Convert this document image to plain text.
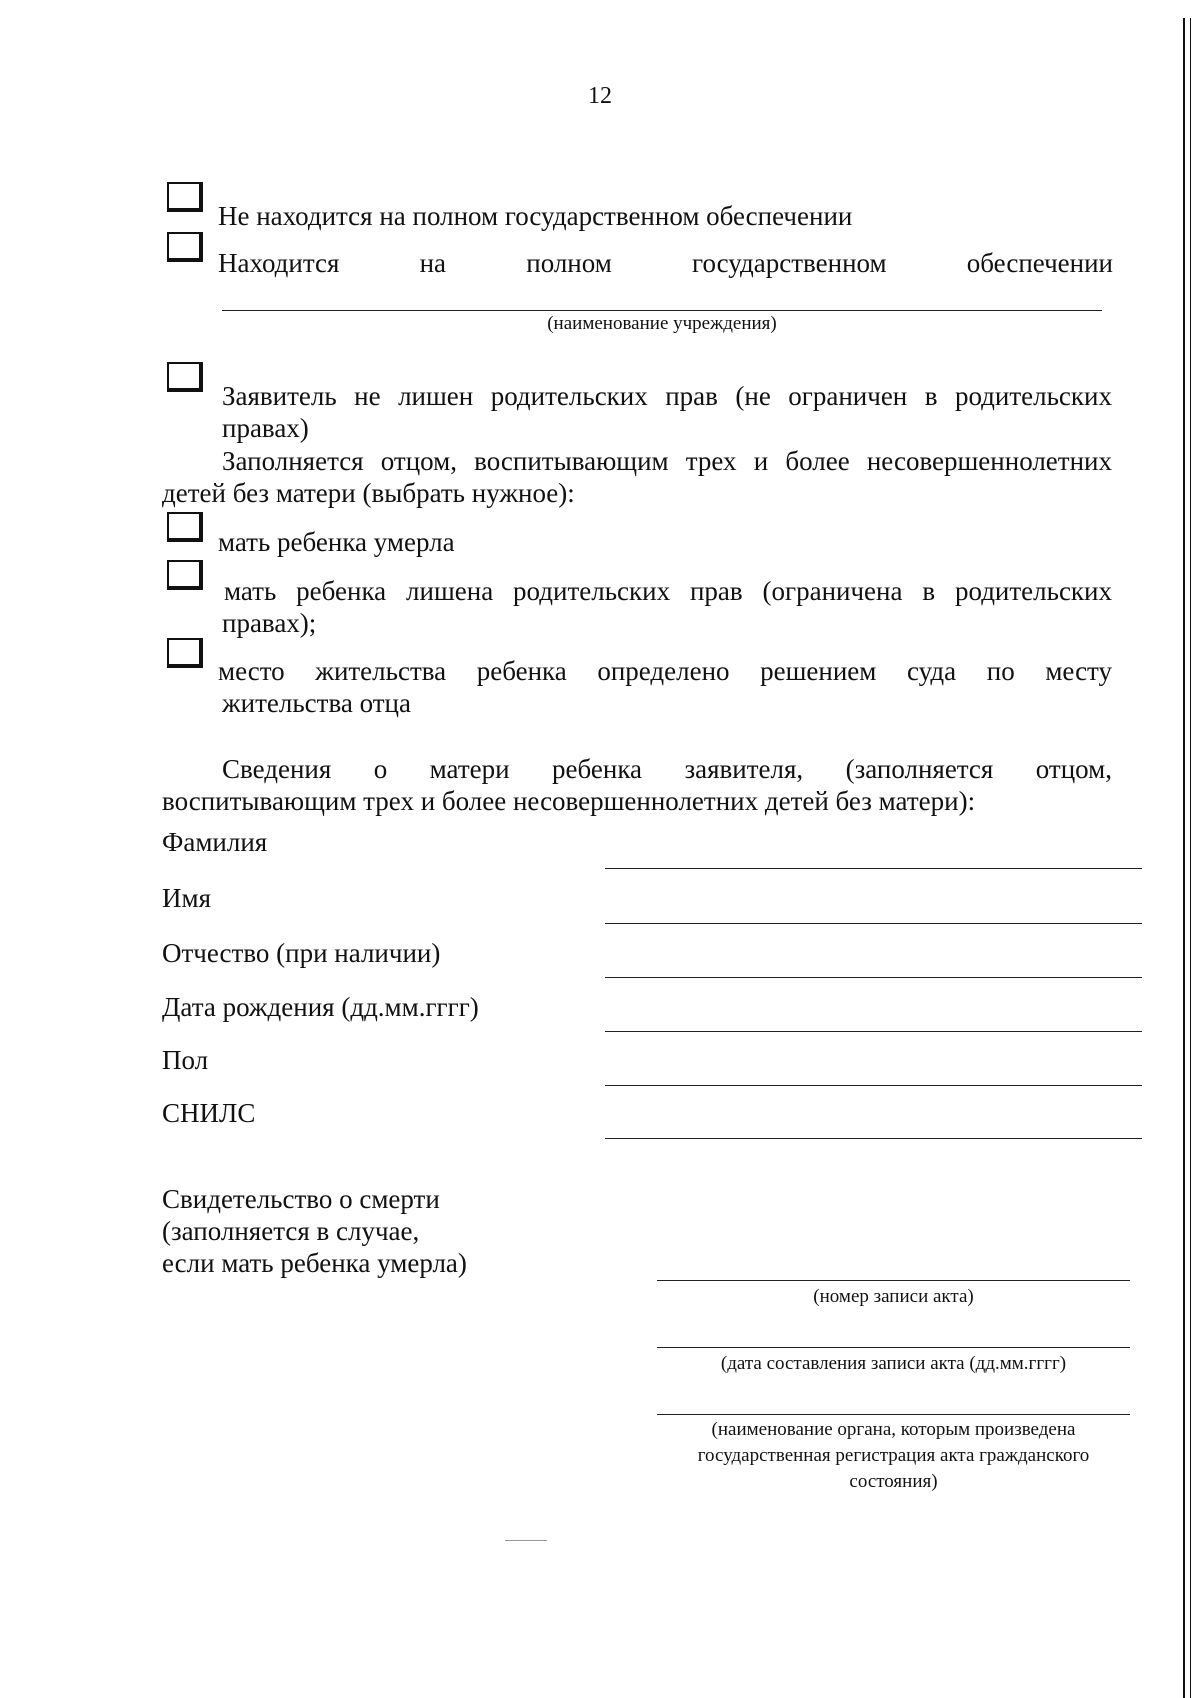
12
Не находится на полном государственном обеспечении
Находится на полном государственном обеспечении
(наименование учреждения)
Заявитель не лишен родительских прав (не ограничен в родительских
правах)
Заполняется отцом, воспитывающим трех и более несовершеннолетних
детей без матери (выбрать нужное):
мать ребенка умерла
мать ребенка лишена родительских прав (ограничена в родительских
правах);
место жительства ребенка определено решением суда по месту
жительства отца
Сведения о матери ребенка заявителя, (заполняется отцом,
воспитывающим трех и более несовершеннолетних детей без матери):
Фамилия
Имя
Отчество (при наличии)
Дата рождения (дд.мм.гггг)
Пол
СНИЛС
Свидетельство о смерти
(заполняется в случае,
если мать ребенка умерла)
(номер записи акта)
(дата составления записи акта (дд.мм.гггг)
(наименование органа, которым произведена
государственная регистрация акта гражданского
состояния)
